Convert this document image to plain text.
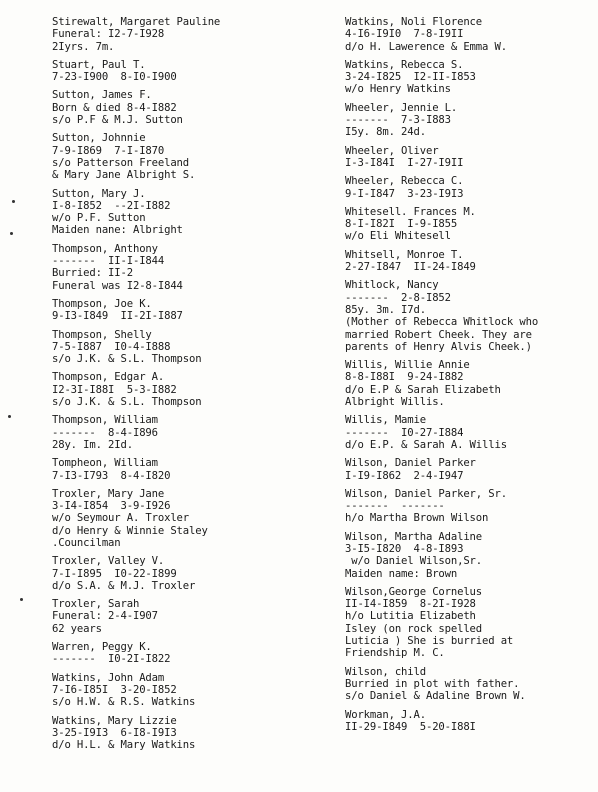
Stirewalt, Margaret Pauline
Funeral: I2-7-I928
2Iyrs. 7m.
Stuart, Paul T.
7-23-I900  8-I0-I900
Sutton, James F.
Born & died 8-4-I882
s/o P.F & M.J. Sutton
Sutton, Johnnie
7-9-I869  7-I-I870
s/o Patterson Freeland
& Mary Jane Albright S.
Sutton, Mary J.
I-8-I852  --2I-I882
w/o P.F. Sutton
Maiden nane: Albright
Thompson, Anthony
-------  II-I-I844
Burried: II-2
Funeral was I2-8-I844
Thompson, Joe K.
9-I3-I849  II-2I-I887
Thompson, Shelly
7-5-I887  I0-4-I888
s/o J.K. & S.L. Thompson
Thompson, Edgar A.
I2-3I-I88I  5-3-I882
s/o J.K. & S.L. Thompson
Thompson, William
-------  8-4-I896
28y. Im. 2Id.
Tompheon, William
7-I3-I793  8-4-I820
Troxler, Mary Jane
3-I4-I854  3-9-I926
w/o Seymour A. Troxler
d/o Henry & Winnie Staley
.Councilman
Troxler, Valley V.
7-I-I895  I0-22-I899
d/o S.A. & M.J. Troxler
Troxler, Sarah
Funeral: 2-4-I907
62 years
Warren, Peggy K.
-------  I0-2I-I822
Watkins, John Adam
7-I6-I85I  3-20-I852
s/o H.W. & R.S. Watkins
Watkins, Mary Lizzie
3-25-I9I3  6-I8-I9I3
d/o H.L. & Mary Watkins
Watkins, Noli Florence
4-I6-I9I0  7-8-I9II
d/o H. Lawerence & Emma W.
Watkins, Rebecca S.
3-24-I825  I2-II-I853
w/o Henry Watkins
Wheeler, Jennie L.
-------  7-3-I883
I5y. 8m. 24d.
Wheeler, Oliver
I-3-I84I  I-27-I9II
Wheeler, Rebecca C.
9-I-I847  3-23-I9I3
Whitesell. Frances M.
8-I-I82I  I-9-I855
w/o Eli Whitesell
Whitsell, Monroe T.
2-27-I847  II-24-I849
Whitlock, Nancy
-------  2-8-I852
85y. 3m. I7d.
(Mother of Rebecca Whitlock who
married Robert Cheek. They are
parents of Henry Alvis Cheek.)
Willis, Willie Annie
8-8-I88I  9-24-I882
d/o E.P & Sarah Elizabeth
Albright Willis.
Willis, Mamie
-------  I0-27-I884
d/o E.P. & Sarah A. Willis
Wilson, Daniel Parker
I-I9-I862  2-4-I947
Wilson, Daniel Parker, Sr.
-------  -------
h/o Martha Brown Wilson
Wilson, Martha Adaline
3-I5-I820  4-8-I893
w/o Daniel Wilson,Sr.
Maiden name: Brown
Wilson,George Cornelus
II-I4-I859  8-2I-I928
h/o Lutitia Elizabeth
Isley (on rock spelled
Luticia ) She is burried at
Friendship M. C.
Wilson, child
Burried in plot with father.
s/o Daniel & Adaline Brown W.
Workman, J.A.
II-29-I849  5-20-I88I
